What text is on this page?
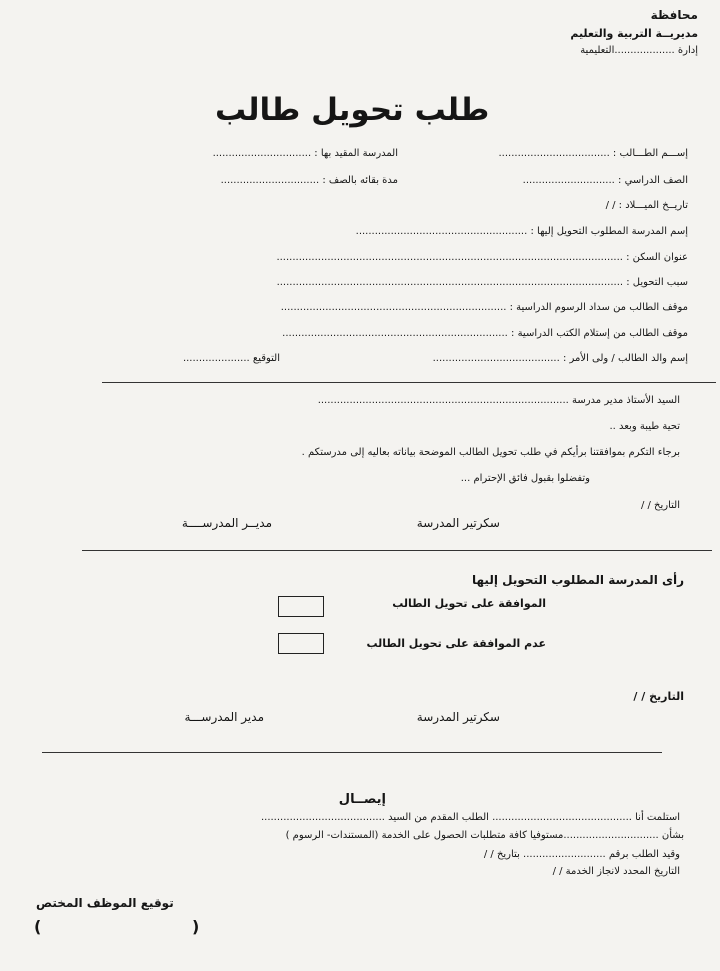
محافظة
مديريــة التربية والتعليم
إدارة ...................التعليمية
طلب تحويل طالب
إســـم الطـــالب : ...................................
المدرسة المقيد بها : ...............................
الصف الدراسي : .............................
مدة بقائه بالصف : ...............................
تاريــخ الميـــلاد : / /
إسم المدرسة المطلوب التحويل إليها : ......................................................
عنوان السكن : .............................................................................................................
سبب التحويل : .............................................................................................................
موقف الطالب من سداد الرسوم الدراسية : .......................................................................
موقف الطالب من إستلام الكتب الدراسية : .......................................................................
إسم والد الطالب / ولى الأمر : ........................................
التوقيع .....................
السيد الأستاذ مدير مدرسة ...............................................................................
تحية طيبة وبعد ..
برجاء التكرم بموافقتنا برأيكم في طلب تحويل الطالب الموضحة بياناته بعاليه إلى مدرستكم .
وتفضلوا بقبول فائق الإحترام ...
التاريخ / /
سكرتير المدرسة
مديــر المدرســــة
رأى المدرسة المطلوب التحويل إليها
الموافقة على تحويل الطالب
عدم الموافقة على تحويل الطالب
التاريخ / /
سكرتير المدرسة
مدير المدرســـة
إيصــال
استلمت أنا ............................................ الطلب المقدم من السيد .......................................
بشأن ..............................مستوفيا كافة متطلبات الحصول على الخدمة (المستندات- الرسوم )
وقيد الطلب برقم .......................... بتاريخ / /
التاريخ المحدد لانجاز الخدمة / /
توقيع الموظف المختص
(
)
